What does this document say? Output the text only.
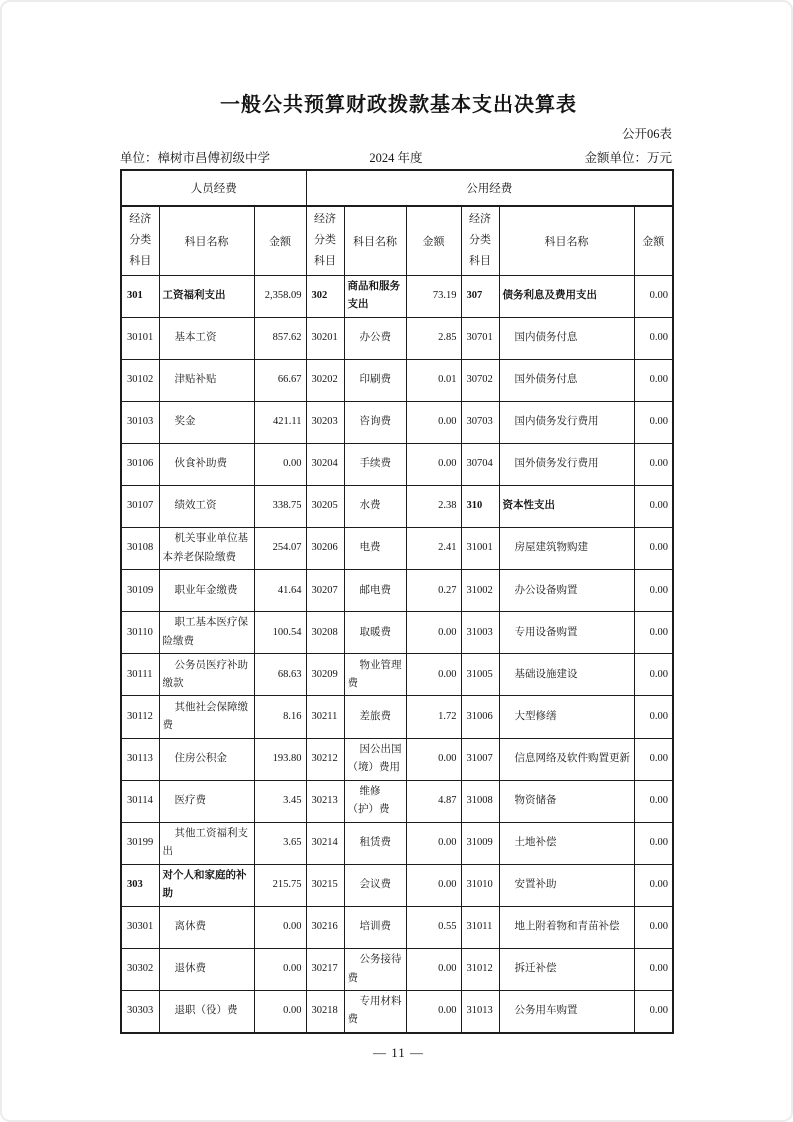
一般公共预算财政拨款基本支出决算表
公开06表
单位：樟树市昌傅初级中学	2024 年度	金额单位：万元
人员经费			公用经费					

经济分类科目	科目名称	金额	经济分类科目	科目名称	金额	经济分类科目	科目名称	金额
301	工资福利支出	2,358.09	302	商品和服务支出	73.19	307	债务利息及费用支出	0.00
30101	基本工资	857.62	30201	办公费	2.85	30701	国内债务付息	0.00
30102	津贴补贴	66.67	30202	印刷费	0.01	30702	国外债务付息	0.00
30103	奖金	421.11	30203	咨询费	0.00	30703	国内债务发行费用	0.00
30106	伙食补助费	0.00	30204	手续费	0.00	30704	国外债务发行费用	0.00
30107	绩效工资	338.75	30205	水费	2.38	310	资本性支出	0.00
30108	机关事业单位基本养老保险缴费	254.07	30206	电费	2.41	31001	房屋建筑物购建	0.00
30109	职业年金缴费	41.64	30207	邮电费	0.27	31002	办公设备购置	0.00
30110	职工基本医疗保险缴费	100.54	30208	取暖费	0.00	31003	专用设备购置	0.00
30111	公务员医疗补助缴款	68.63	30209	物业管理费	0.00	31005	基础设施建设	0.00
30112	其他社会保障缴费	8.16	30211	差旅费	1.72	31006	大型修缮	0.00
30113	住房公积金	193.80	30212	因公出国（境）费用	0.00	31007	信息网络及软件购置更新	0.00
30114	医疗费	3.45	30213	维修（护）费	4.87	31008	物资储备	0.00
30199	其他工资福利支出	3.65	30214	租赁费	0.00	31009	土地补偿	0.00
303	对个人和家庭的补助	215.75	30215	会议费	0.00	31010	安置补助	0.00
30301	离休费	0.00	30216	培训费	0.55	31011	地上附着物和青苗补偿	0.00
30302	退休费	0.00	30217	公务接待费	0.00	31012	拆迁补偿	0.00
30303	退职（役）费	0.00	30218	专用材料费	0.00	31013	公务用车购置	0.00
— 11 —
